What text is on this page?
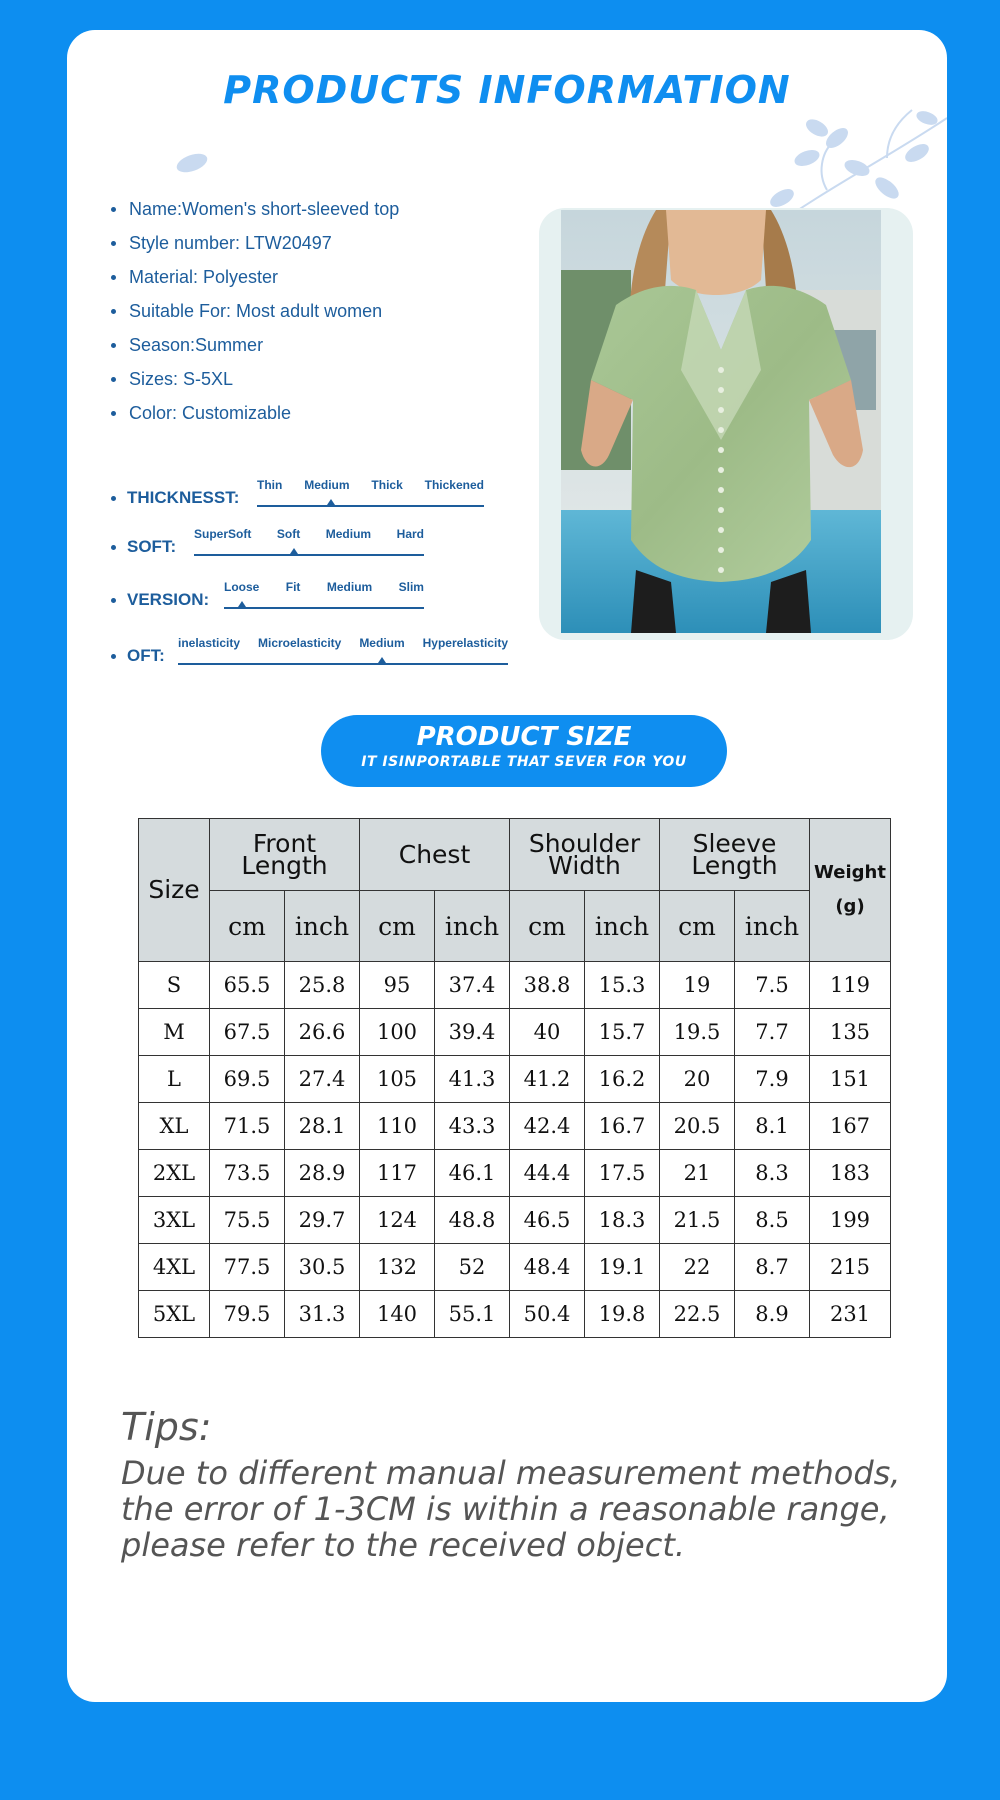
PRODUCTS INFORMATION
Name:Women's short-sleeved top
Style number: LTW20497
Material: Polyester
Suitable For: Most adult women
Season:Summer
Sizes: S-5XL
Color: Customizable
THICKNESST:
Thin Medium Thick Thickened
SOFT:
SuperSoft Soft Medium Hard
VERSION:
Loose Fit Medium Slim
OFT:
inelasticity Microelasticity Medium Hyperelasticity
PRODUCT SIZE
IT ISINPORTABLE THAT SEVER FOR YOU
Size	Front Length		Chest		Shoulder Width		Sleeve Length		Weight (g)
	cm	inch	cm	inch	cm	inch	cm	inch	
S	65.5	25.8	95	37.4	38.8	15.3	19	7.5	119
M	67.5	26.6	100	39.4	40	15.7	19.5	7.7	135
L	69.5	27.4	105	41.3	41.2	16.2	20	7.9	151
XL	71.5	28.1	110	43.3	42.4	16.7	20.5	8.1	167
2XL	73.5	28.9	117	46.1	44.4	17.5	21	8.3	183
3XL	75.5	29.7	124	48.8	46.5	18.3	21.5	8.5	199
4XL	77.5	30.5	132	52	48.4	19.1	22	8.7	215
5XL	79.5	31.3	140	55.1	50.4	19.8	22.5	8.9	231
Tips:
Due to different manual measurement methods, the error of 1-3CM is within a reasonable range, please refer to the received object.
